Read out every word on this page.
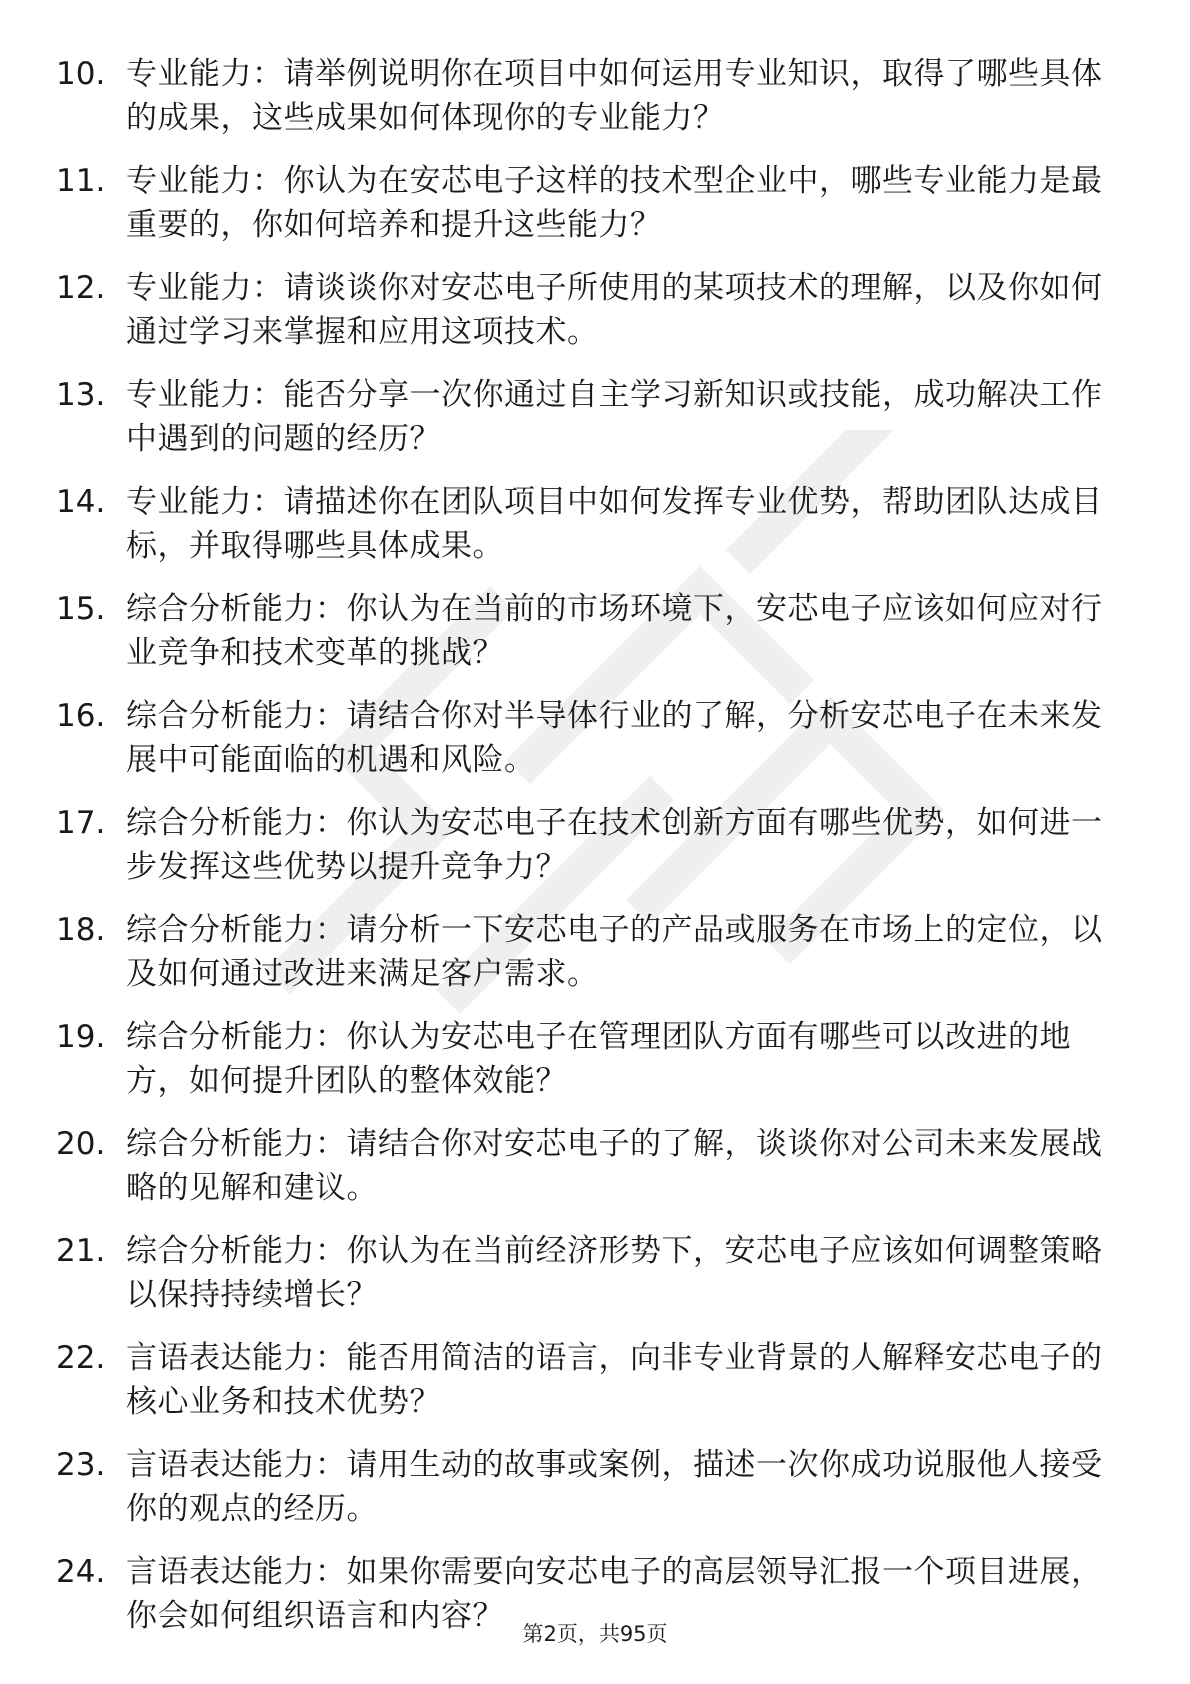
10. 专业能力：请举例说明你在项目中如何运用专业知识，取得了哪些具体的成果，这些成果如何体现你的专业能力？
11. 专业能力：你认为在安芯电子这样的技术型企业中，哪些专业能力是最重要的，你如何培养和提升这些能力？
12. 专业能力：请谈谈你对安芯电子所使用的某项技术的理解，以及你如何通过学习来掌握和应用这项技术。
13. 专业能力：能否分享一次你通过自主学习新知识或技能，成功解决工作中遇到的问题的经历？
14. 专业能力：请描述你在团队项目中如何发挥专业优势，帮助团队达成目标，并取得哪些具体成果。
15. 综合分析能力：你认为在当前的市场环境下，安芯电子应该如何应对行业竞争和技术变革的挑战？
16. 综合分析能力：请结合你对半导体行业的了解，分析安芯电子在未来发展中可能面临的机遇和风险。
17. 综合分析能力：你认为安芯电子在技术创新方面有哪些优势，如何进一步发挥这些优势以提升竞争力？
18. 综合分析能力：请分析一下安芯电子的产品或服务在市场上的定位，以及如何通过改进来满足客户需求。
19. 综合分析能力：你认为安芯电子在管理团队方面有哪些可以改进的地方，如何提升团队的整体效能？
20. 综合分析能力：请结合你对安芯电子的了解，谈谈你对公司未来发展战略的见解和建议。
21. 综合分析能力：你认为在当前经济形势下，安芯电子应该如何调整策略以保持持续增长？
22. 言语表达能力：能否用简洁的语言，向非专业背景的人解释安芯电子的核心业务和技术优势？
23. 言语表达能力：请用生动的故事或案例，描述一次你成功说服他人接受你的观点的经历。
24. 言语表达能力：如果你需要向安芯电子的高层领导汇报一个项目进展，你会如何组织语言和内容？ 第2页，共95页
